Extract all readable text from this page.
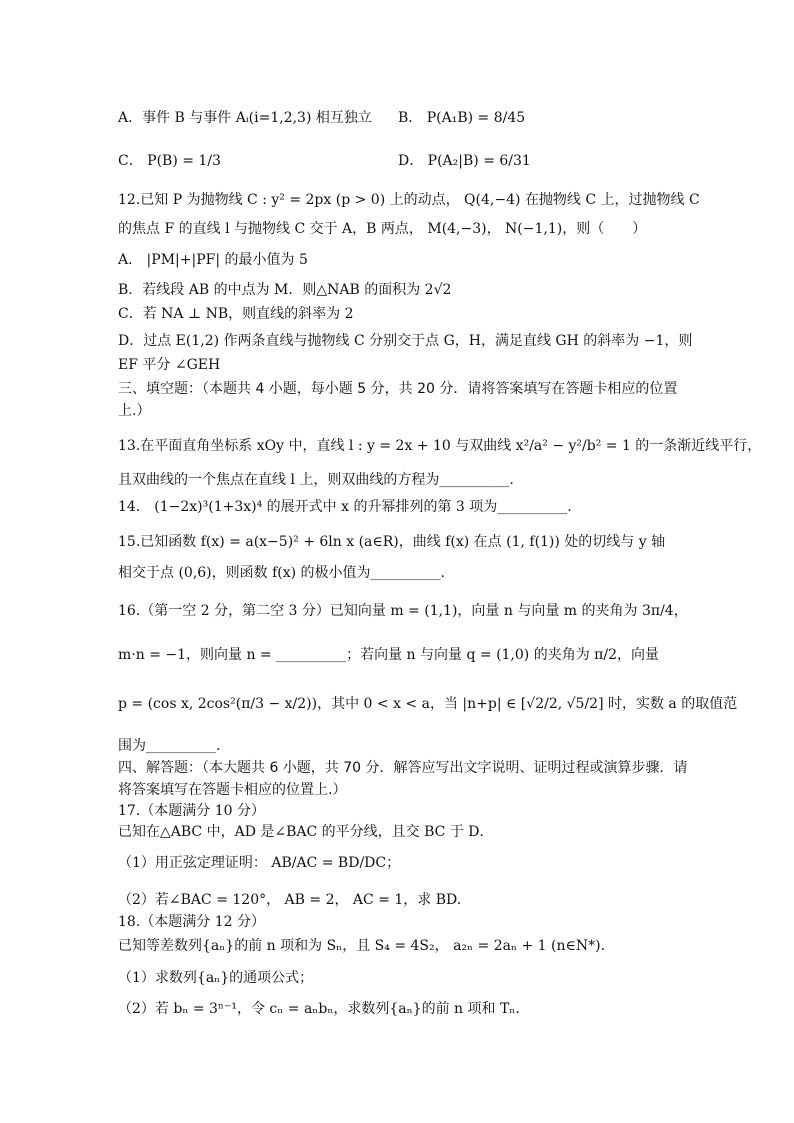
A．事件 B 与事件 Aᵢ(i=1,2,3) 相互独立	B． P(A₁B) = 8/45
C． P(B) = 1/3	D． P(A₂|B) = 6/31
12.已知 P 为抛物线 C : y² = 2px (p > 0) 上的动点， Q(4,−4) 在抛物线 C 上，过抛物线 C
的焦点 F 的直线 l 与抛物线 C 交于 A，B 两点， M(4,−3)， N(−1,1)，则（　　）
A． |PM|+|PF| 的最小值为 5
B．若线段 AB 的中点为 M．则△NAB 的面积为 2√2
C．若 NA ⊥ NB，则直线的斜率为 2
D．过点 E(1,2) 作两条直线与抛物线 C 分别交于点 G，H，满足直线 GH 的斜率为 −1，则
EF 平分 ∠GEH
三、填空题：（本题共 4 小题，每小题 5 分，共 20 分．请将答案填写在答题卡相应的位置
上.）
13.在平面直角坐标系 xOy 中，直线 l : y = 2x + 10 与双曲线 x²/a² − y²/b² = 1 的一条渐近线平行，
且双曲线的一个焦点在直线 l 上，则双曲线的方程为__________.
14． (1−2x)³(1+3x)⁴ 的展开式中 x 的升幂排列的第 3 项为__________.
15.已知函数 f(x) = a(x−5)² + 6ln x (a∈R)，曲线 f(x) 在点 (1, f(1)) 处的切线与 y 轴
相交于点 (0,6)，则函数 f(x) 的极小值为__________.
16.（第一空 2 分，第二空 3 分）已知向量 m = (1,1)，向量 n 与向量 m 的夹角为 3π/4，
m·n = −1，则向量 n = __________；若向量 n 与向量 q = (1,0) 的夹角为 π/2，向量
p = (cos x, 2cos²(π/3 − x/2))，其中 0 < x < a，当 |n+p| ∈ [√2/2, √5/2] 时，实数 a 的取值范
围为__________.
四、解答题：（本大题共 6 小题，共 70 分．解答应写出文字说明、证明过程或演算步骤．请
将答案填写在答题卡相应的位置上.）
17.（本题满分 10 分）
已知在△ABC 中，AD 是∠BAC 的平分线，且交 BC 于 D．
（1）用正弦定理证明： AB/AC = BD/DC；
（2）若∠BAC = 120°， AB = 2， AC = 1，求 BD.
18.（本题满分 12 分）
已知等差数列{aₙ}的前 n 项和为 Sₙ，且 S₄ = 4S₂， a₂ₙ = 2aₙ + 1 (n∈N*)．
（1）求数列{aₙ}的通项公式；
（2）若 bₙ = 3ⁿ⁻¹，令 cₙ = aₙbₙ，求数列{aₙ}的前 n 项和 Tₙ．
